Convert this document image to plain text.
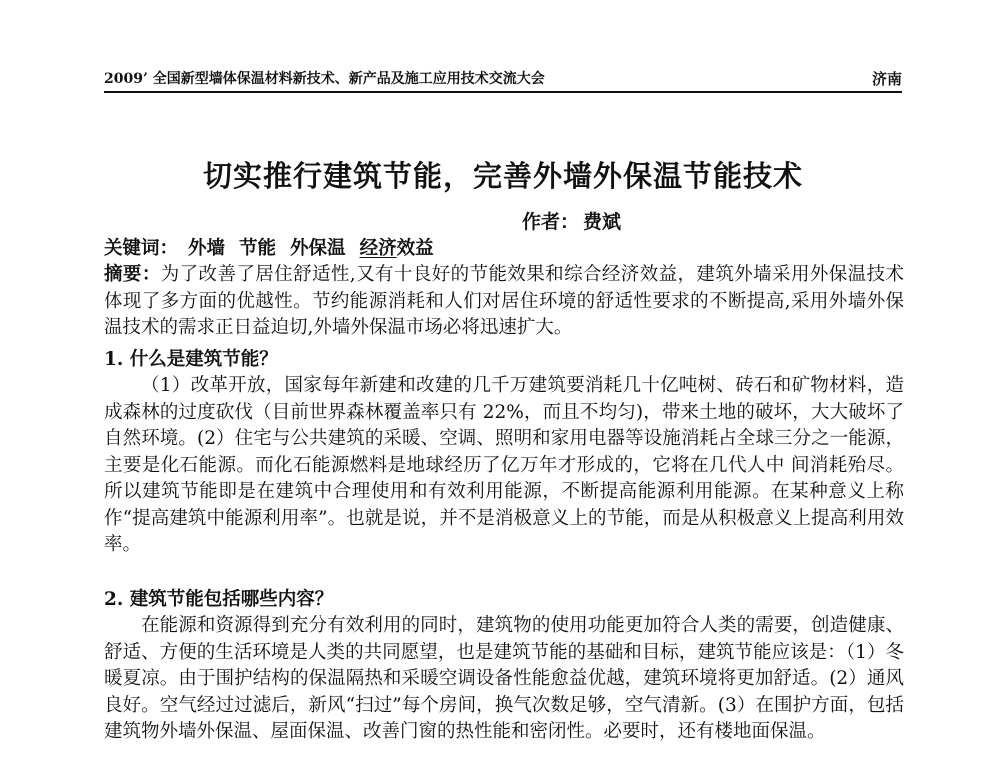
2009’ 全国新型墙体保温材料新技术、新产品及施工应用技术交流大会	济南
切实推行建筑节能，完善外墙外保温节能技术
作者： 费斌
关键词： 外墙 节能 外保温 经济效益

摘要：为了改善了居住舒适性,又有十良好的节能效果和综合经济效益，建筑外墙采用外保温技术体现了多方面的优越性。节约能源消耗和人们对居住环境的舒适性要求的不断提高,采用外墙外保温技术的需求正日益迫切,外墙外保温市场必将迅速扩大。

1. 什么是建筑节能？

（1）改革开放，国家每年新建和改建的几千万建筑要消耗几十亿吨树、砖石和矿物材料，造成森林的过度砍伐（目前世界森林覆盖率只有 22%，而且不均匀)，带来土地的破坏，大大破坏了自然环境。(2）住宅与公共建筑的采暖、空调、照明和家用电器等设施消耗占全球三分之一能源，主要是化石能源。而化石能源燃料是地球经历了亿万年才形成的，它将在几代人中 间消耗殆尽。所以建筑节能即是在建筑中合理使用和有效利用能源，不断提高能源利用能源。在某种意义上称作“提高建筑中能源利用率”。也就是说，并不是消极意义上的节能，而是从积极意义上提高利用效率。

2. 建筑节能包括哪些内容？

在能源和资源得到充分有效利用的同时，建筑物的使用功能更加符合人类的需要，创造健康、舒适、方便的生活环境是人类的共同愿望，也是建筑节能的基础和目标，建筑节能应该是：（1）冬暖夏凉。由于围护结构的保温隔热和采暖空调设备性能愈益优越，建筑环境将更加舒适。(2）通风良好。空气经过过滤后，新风“扫过”每个房间，换气次数足够，空气清新。(3）在围护方面，包括建筑物外墙外保温、屋面保温、改善门窗的热性能和密闭性。必要时，还有楼地面保温。
